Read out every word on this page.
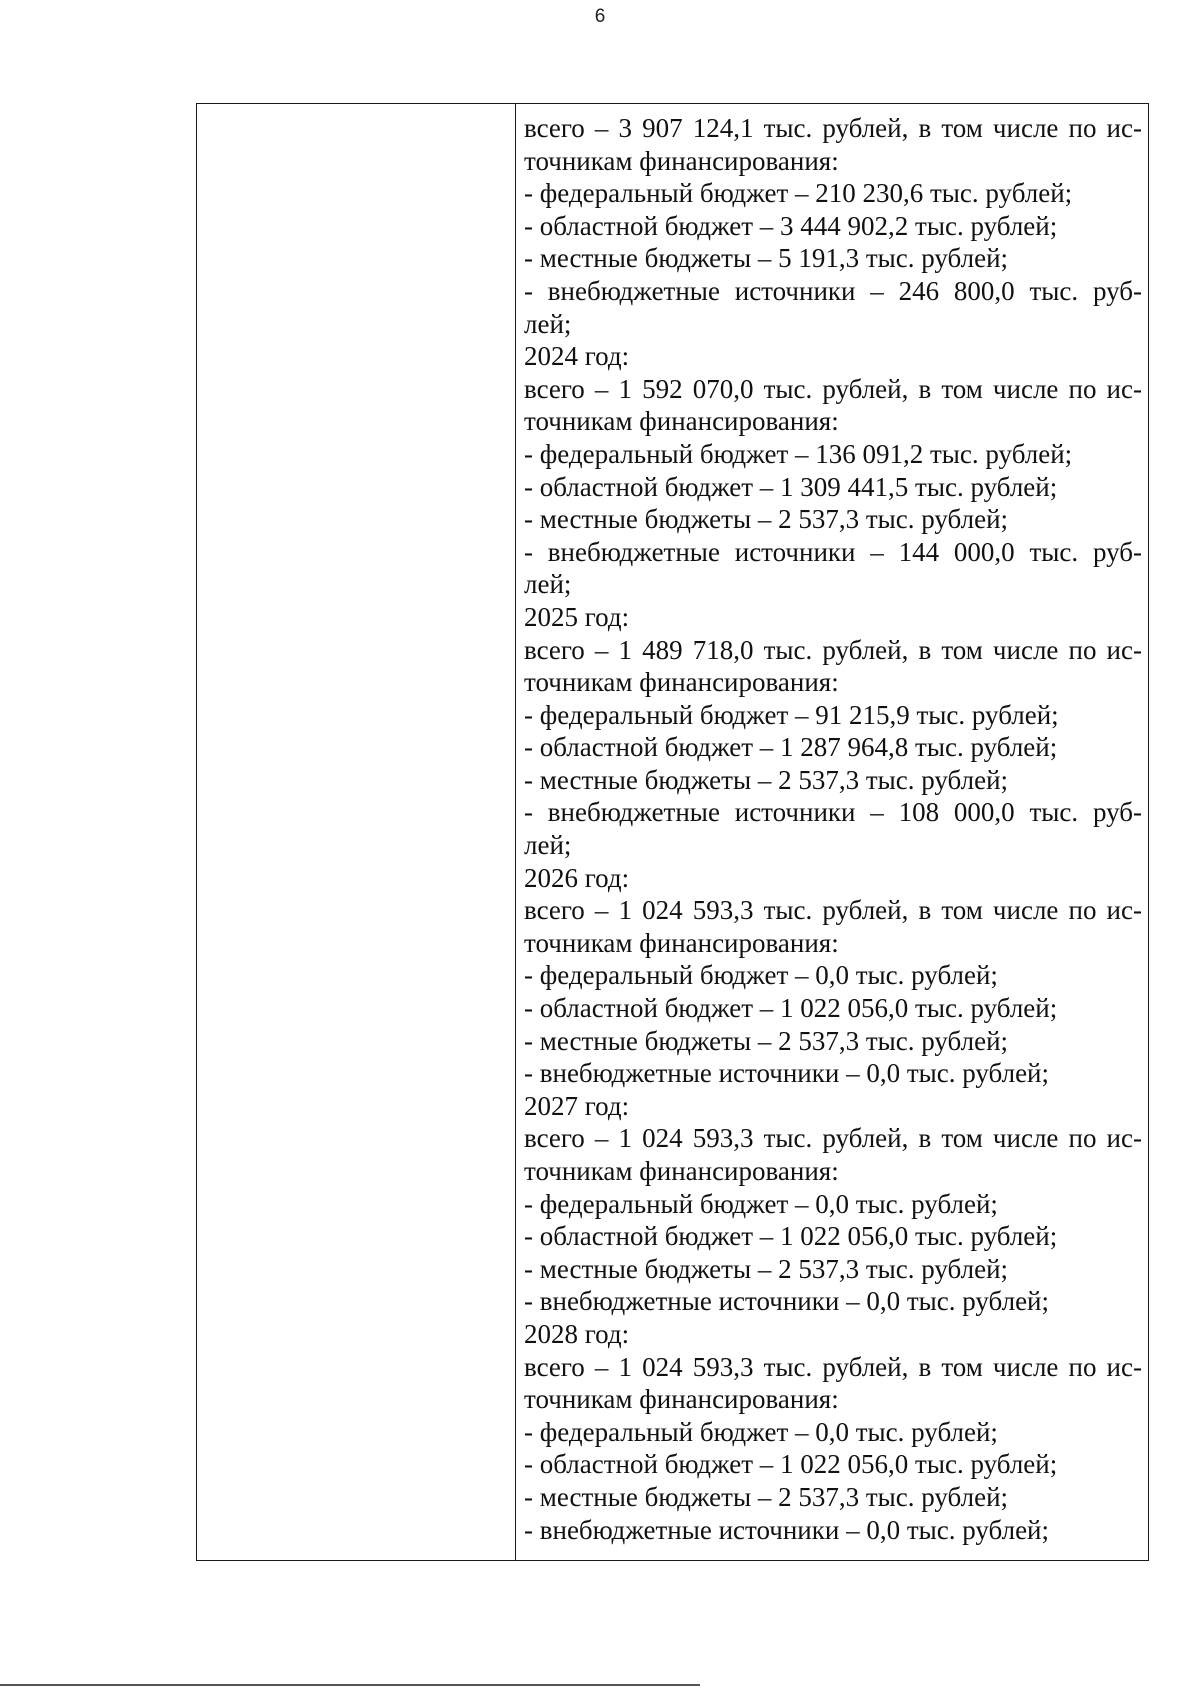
6

всего – 3 907 124,1 тыс. рублей, в том числе по ис-
точникам финансирования:
- федеральный бюджет – 210 230,6 тыс. рублей;
- областной бюджет – 3 444 902,2 тыс. рублей;
- местные бюджеты – 5 191,3 тыс. рублей;
- внебюджетные источники – 246 800,0 тыс. руб-
лей;
2024 год:
всего – 1 592 070,0 тыс. рублей, в том числе по ис-
точникам финансирования:
- федеральный бюджет – 136 091,2 тыс. рублей;
- областной бюджет – 1 309 441,5 тыс. рублей;
- местные бюджеты – 2 537,3 тыс. рублей;
- внебюджетные источники – 144 000,0 тыс. руб-
лей;
2025 год:
всего – 1 489 718,0 тыс. рублей, в том числе по ис-
точникам финансирования:
- федеральный бюджет – 91 215,9 тыс. рублей;
- областной бюджет – 1 287 964,8 тыс. рублей;
- местные бюджеты – 2 537,3 тыс. рублей;
- внебюджетные источники – 108 000,0 тыс. руб-
лей;
2026 год:
всего – 1 024 593,3 тыс. рублей, в том числе по ис-
точникам финансирования:
- федеральный бюджет – 0,0 тыс. рублей;
- областной бюджет – 1 022 056,0 тыс. рублей;
- местные бюджеты – 2 537,3 тыс. рублей;
- внебюджетные источники – 0,0 тыс. рублей;
2027 год:
всего – 1 024 593,3 тыс. рублей, в том числе по ис-
точникам финансирования:
- федеральный бюджет – 0,0 тыс. рублей;
- областной бюджет – 1 022 056,0 тыс. рублей;
- местные бюджеты – 2 537,3 тыс. рублей;
- внебюджетные источники – 0,0 тыс. рублей;
2028 год:
всего – 1 024 593,3 тыс. рублей, в том числе по ис-
точникам финансирования:
- федеральный бюджет – 0,0 тыс. рублей;
- областной бюджет – 1 022 056,0 тыс. рублей;
- местные бюджеты – 2 537,3 тыс. рублей;
- внебюджетные источники – 0,0 тыс. рублей;
